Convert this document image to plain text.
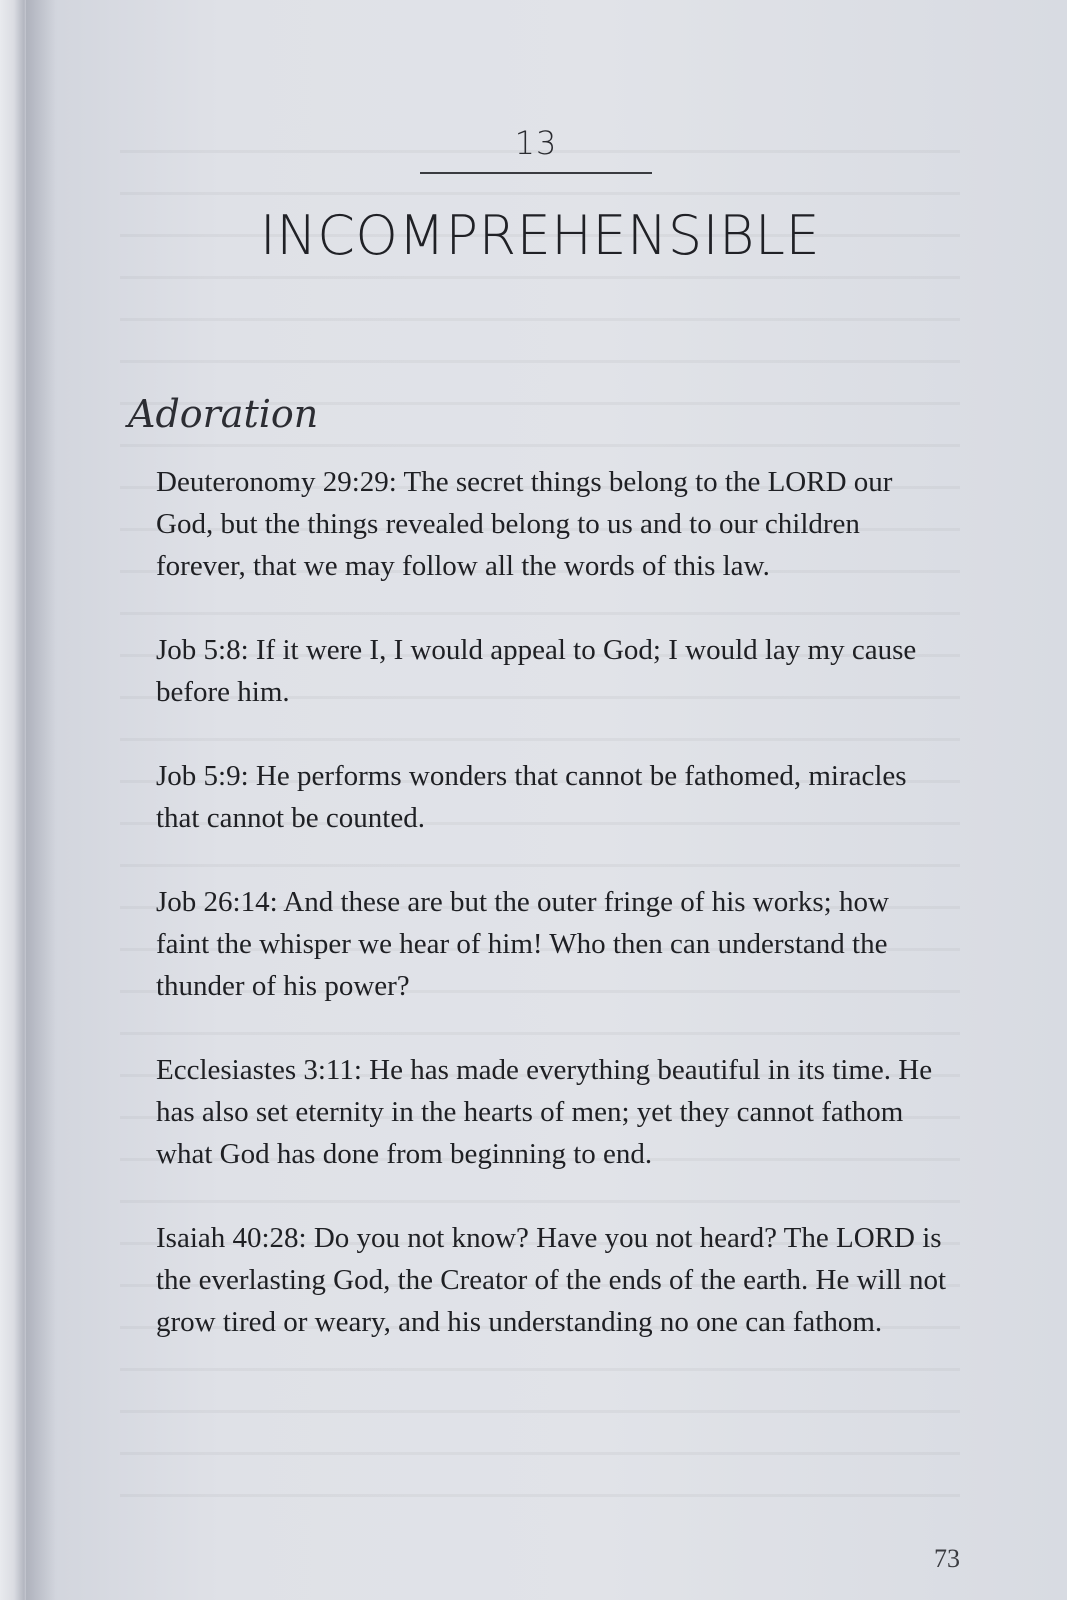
13
INCOMPREHENSIBLE
Adoration

Deuteronomy 29:29: The secret things belong to the LORD our God, but the things revealed belong to us and to our children forever, that we may follow all the words of this law.

Job 5:8: If it were I, I would appeal to God; I would lay my cause before him.

Job 5:9: He performs wonders that cannot be fathomed, miracles that cannot be counted.

Job 26:14: And these are but the outer fringe of his works; how faint the whisper we hear of him! Who then can understand the thunder of his power?

Ecclesiastes 3:11: He has made everything beautiful in its time. He has also set eternity in the hearts of men; yet they cannot fathom what God has done from beginning to end.

Isaiah 40:28: Do you not know? Have you not heard? The LORD is the everlasting God, the Creator of the ends of the earth. He will not grow tired or weary, and his understanding no one can fathom.

73
